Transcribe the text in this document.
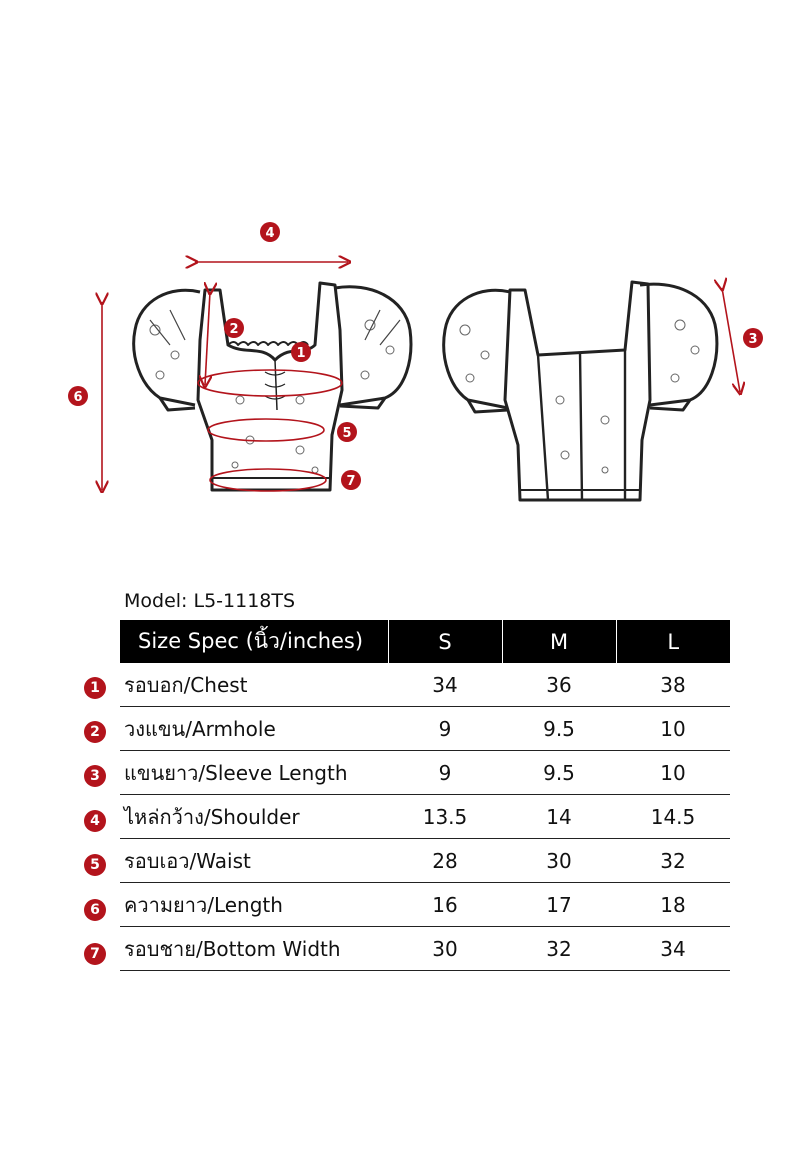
4
2
1
5
7
6
3
Model: L5-1118TS
Size Spec (นิ้ว/inches)	S	M	L
รอบอก/Chest	34	36	38
วงแขน/Armhole	9	9.5	10
แขนยาว/Sleeve Length	9	9.5	10
ไหล่กว้าง/Shoulder	13.5	14	14.5
รอบเอว/Waist	28	30	32
ความยาว/Length	16	17	18
รอบชาย/Bottom Width	30	32	34
1
2
3
4
5
6
7
